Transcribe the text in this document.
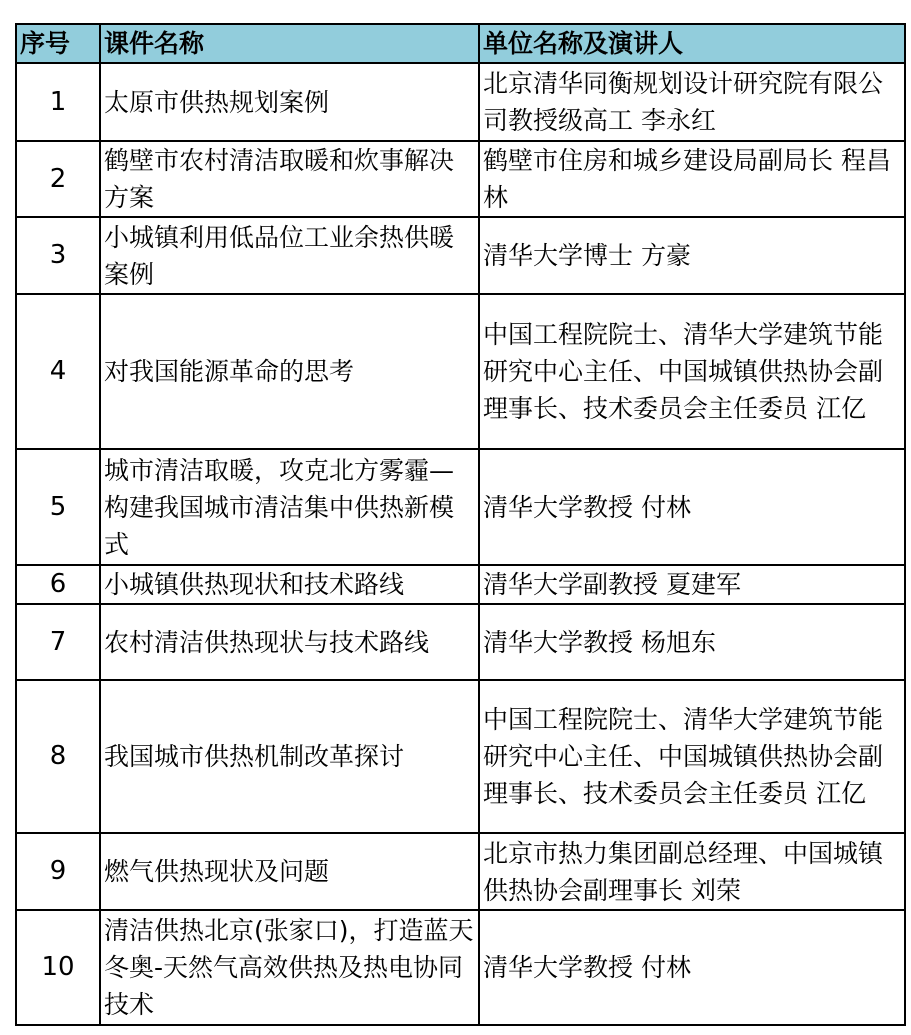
序号	课件名称	单位名称及演讲人
1	太原市供热规划案例	北京清华同衡规划设计研究院有限公司教授级高工 李永红
2	鹤壁市农村清洁取暖和炊事解决方案	鹤壁市住房和城乡建设局副局长 程昌林
3	小城镇利用低品位工业余热供暖案例	清华大学博士 方豪
4	对我国能源革命的思考	中国工程院院士、清华大学建筑节能研究中心主任、中国城镇供热协会副理事长、技术委员会主任委员 江亿
5	城市清洁取暖，攻克北方雾霾—构建我国城市清洁集中供热新模式	清华大学教授 付林
6	小城镇供热现状和技术路线	清华大学副教授 夏建军
7	农村清洁供热现状与技术路线	清华大学教授 杨旭东
8	我国城市供热机制改革探讨	中国工程院院士、清华大学建筑节能研究中心主任、中国城镇供热协会副理事长、技术委员会主任委员 江亿
9	燃气供热现状及问题	北京市热力集团副总经理、中国城镇供热协会副理事长 刘荣
10	清洁供热北京(张家口)，打造蓝天冬奥-天然气高效供热及热电协同技术	清华大学教授 付林
